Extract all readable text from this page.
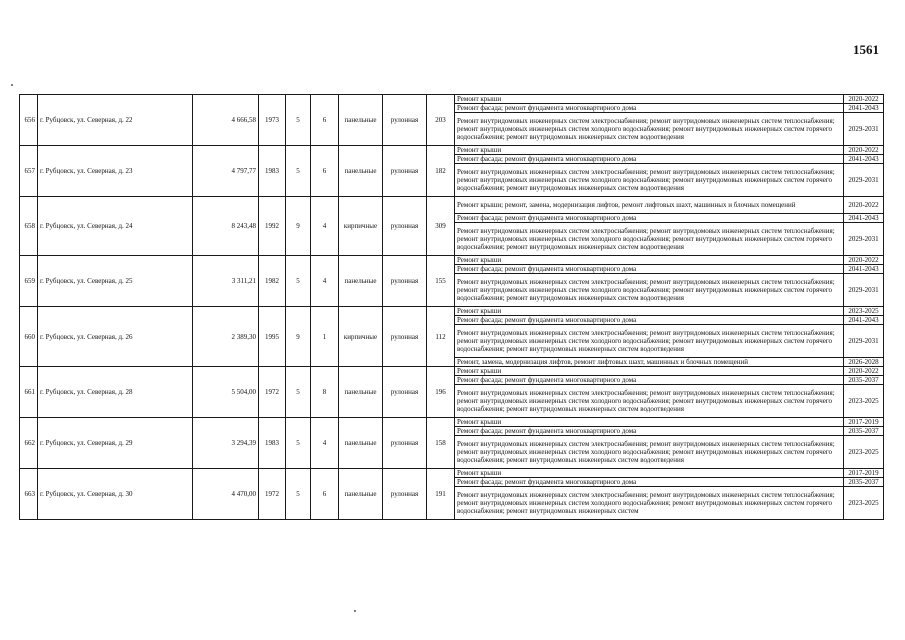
1561
656	г. Рубцовск, ул. Северная, д. 22	4 666,58	1973	5	6	панельные	рулонная	203	Ремонт крыши	2020-2022
									Ремонт фасада; ремонт фундамента многоквартирного дома	2041-2043
									Ремонт внутридомовых инженерных систем электроснабжения; ремонт внутридомовых инженерных систем теплоснабжения; ремонт внутридомовых инженерных систем холодного водоснабжения; ремонт внутридомовых инженерных систем горячего водоснабжения; ремонт внутридомовых инженерных систем водоотведения	2029-2031
657	г. Рубцовск, ул. Северная, д. 23	4 797,77	1983	5	6	панельные	рулонная	182	Ремонт крыши	2020-2022
									Ремонт фасада; ремонт фундамента многоквартирного дома	2041-2043
									Ремонт внутридомовых инженерных систем электроснабжения; ремонт внутридомовых инженерных систем теплоснабжения; ремонт внутридомовых инженерных систем холодного водоснабжения; ремонт внутридомовых инженерных систем горячего водоснабжения; ремонт внутридомовых инженерных систем водоотведения	2029-2031
658	г. Рубцовск, ул. Северная, д. 24	8 243,48	1992	9	4	кирпичные	рулонная	309	Ремонт крыши; ремонт, замена, модернизация лифтов, ремонт лифтовых шахт, машинных и блочных помещений	2020-2022
									Ремонт фасада; ремонт фундамента многоквартирного дома	2041-2043
									Ремонт внутридомовых инженерных систем электроснабжения; ремонт внутридомовых инженерных систем теплоснабжения; ремонт внутридомовых инженерных систем холодного водоснабжения; ремонт внутридомовых инженерных систем горячего водоснабжения; ремонт внутридомовых инженерных систем водоотведения	2029-2031
659	г. Рубцовск, ул. Северная, д. 25	3 311,21	1982	5	4	панельные	рулонная	155	Ремонт крыши	2020-2022
									Ремонт фасада; ремонт фундамента многоквартирного дома	2041-2043
									Ремонт внутридомовых инженерных систем электроснабжения; ремонт внутридомовых инженерных систем теплоснабжения; ремонт внутридомовых инженерных систем холодного водоснабжения; ремонт внутридомовых инженерных систем горячего водоснабжения; ремонт внутридомовых инженерных систем водоотведения	2029-2031
660	г. Рубцовск, ул. Северная, д. 26	2 389,30	1995	9	1	кирпичные	рулонная	112	Ремонт крыши	2023-2025
									Ремонт фасада; ремонт фундамента многоквартирного дома	2041-2043
									Ремонт внутридомовых инженерных систем электроснабжения; ремонт внутридомовых инженерных систем теплоснабжения; ремонт внутридомовых инженерных систем холодного водоснабжения; ремонт внутридомовых инженерных систем горячего водоснабжения; ремонт внутридомовых инженерных систем водоотведения	2029-2031
									Ремонт, замена, модернизация лифтов, ремонт лифтовых шахт, машинных и блочных помещений	2026-2028
661	г. Рубцовск, ул. Северная, д. 28	5 504,00	1972	5	8	панельные	рулонная	196	Ремонт крыши	2020-2022
									Ремонт фасада; ремонт фундамента многоквартирного дома	2035-2037
									Ремонт внутридомовых инженерных систем электроснабжения; ремонт внутридомовых инженерных систем теплоснабжения; ремонт внутридомовых инженерных систем холодного водоснабжения; ремонт внутридомовых инженерных систем горячего водоснабжения; ремонт внутридомовых инженерных систем водоотведения	2023-2025
662	г. Рубцовск, ул. Северная, д. 29	3 294,39	1983	5	4	панельные	рулонная	158	Ремонт крыши	2017-2019
									Ремонт фасада; ремонт фундамента многоквартирного дома	2035-2037
									Ремонт внутридомовых инженерных систем электроснабжения; ремонт внутридомовых инженерных систем теплоснабжения; ремонт внутридомовых инженерных систем холодного водоснабжения; ремонт внутридомовых инженерных систем горячего водоснабжения; ремонт внутридомовых инженерных систем водоотведения	2023-2025
663	г. Рубцовск, ул. Северная, д. 30	4 470,00	1972	5	6	панельные	рулонная	191	Ремонт крыши	2017-2019
									Ремонт фасада; ремонт фундамента многоквартирного дома	2035-2037
									Ремонт внутридомовых инженерных систем электроснабжения; ремонт внутридомовых инженерных систем теплоснабжения; ремонт внутридомовых инженерных систем холодного водоснабжения; ремонт внутридомовых инженерных систем горячего водоснабжения; ремонт внутридомовых инженерных систем	2023-2025
